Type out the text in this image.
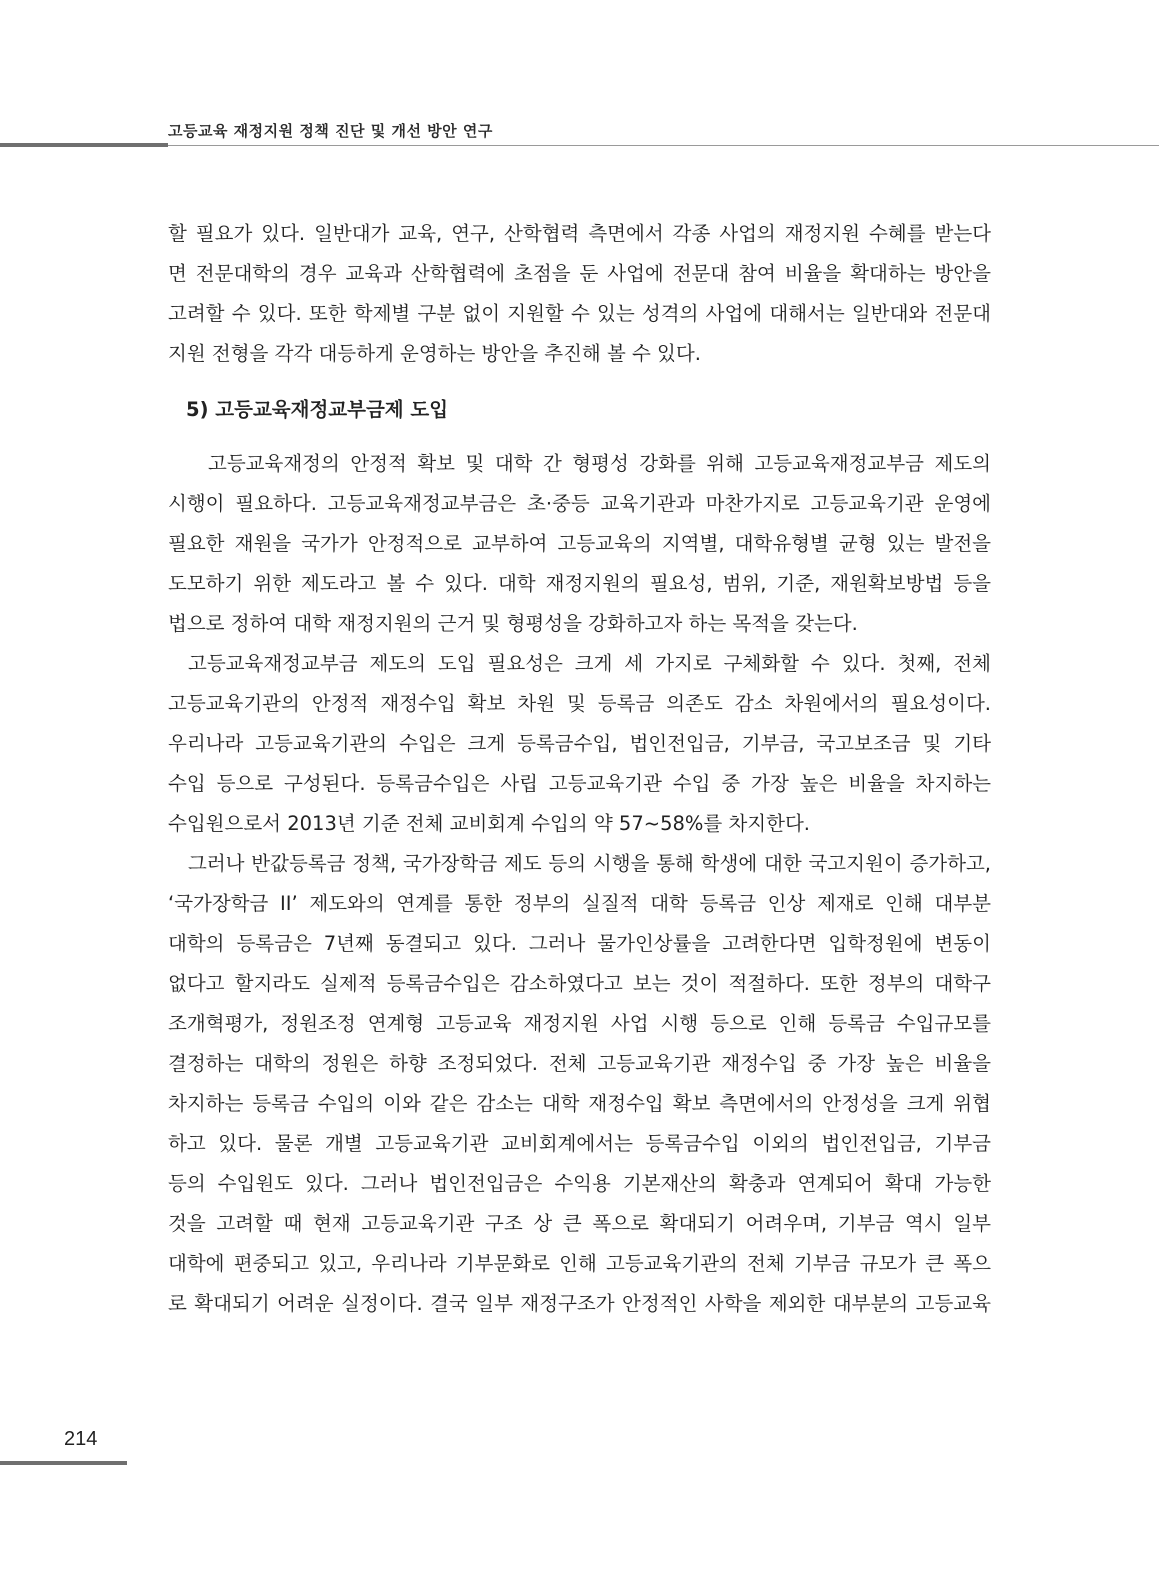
고등교육 재정지원 정책 진단 및 개선 방안 연구
할 필요가 있다. 일반대가 교육, 연구, 산학협력 측면에서 각종 사업의 재정지원 수혜를 받는다
면 전문대학의 경우 교육과 산학협력에 초점을 둔 사업에 전문대 참여 비율을 확대하는 방안을
고려할 수 있다. 또한 학제별 구분 없이 지원할 수 있는 성격의 사업에 대해서는 일반대와 전문대
지원 전형을 각각 대등하게 운영하는 방안을 추진해 볼 수 있다.
5) 고등교육재정교부금제 도입
고등교육재정의 안정적 확보 및 대학 간 형평성 강화를 위해 고등교육재정교부금 제도의
시행이 필요하다. 고등교육재정교부금은 초·중등 교육기관과 마찬가지로 고등교육기관 운영에
필요한 재원을 국가가 안정적으로 교부하여 고등교육의 지역별, 대학유형별 균형 있는 발전을
도모하기 위한 제도라고 볼 수 있다. 대학 재정지원의 필요성, 범위, 기준, 재원확보방법 등을
법으로 정하여 대학 재정지원의 근거 및 형평성을 강화하고자 하는 목적을 갖는다.
고등교육재정교부금 제도의 도입 필요성은 크게 세 가지로 구체화할 수 있다. 첫째, 전체
고등교육기관의 안정적 재정수입 확보 차원 및 등록금 의존도 감소 차원에서의 필요성이다.
우리나라 고등교육기관의 수입은 크게 등록금수입, 법인전입금, 기부금, 국고보조금 및 기타
수입 등으로 구성된다. 등록금수입은 사립 고등교육기관 수입 중 가장 높은 비율을 차지하는
수입원으로서 2013년 기준 전체 교비회계 수입의 약 57~58%를 차지한다.
그러나 반값등록금 정책, 국가장학금 제도 등의 시행을 통해 학생에 대한 국고지원이 증가하고,
‘국가장학금 II’ 제도와의 연계를 통한 정부의 실질적 대학 등록금 인상 제재로 인해 대부분
대학의 등록금은 7년째 동결되고 있다. 그러나 물가인상률을 고려한다면 입학정원에 변동이
없다고 할지라도 실제적 등록금수입은 감소하였다고 보는 것이 적절하다. 또한 정부의 대학구
조개혁평가, 정원조정 연계형 고등교육 재정지원 사업 시행 등으로 인해 등록금 수입규모를
결정하는 대학의 정원은 하향 조정되었다. 전체 고등교육기관 재정수입 중 가장 높은 비율을
차지하는 등록금 수입의 이와 같은 감소는 대학 재정수입 확보 측면에서의 안정성을 크게 위협
하고 있다. 물론 개별 고등교육기관 교비회계에서는 등록금수입 이외의 법인전입금, 기부금
등의 수입원도 있다. 그러나 법인전입금은 수익용 기본재산의 확충과 연계되어 확대 가능한
것을 고려할 때 현재 고등교육기관 구조 상 큰 폭으로 확대되기 어려우며, 기부금 역시 일부
대학에 편중되고 있고, 우리나라 기부문화로 인해 고등교육기관의 전체 기부금 규모가 큰 폭으
로 확대되기 어려운 실정이다. 결국 일부 재정구조가 안정적인 사학을 제외한 대부분의 고등교육
214
